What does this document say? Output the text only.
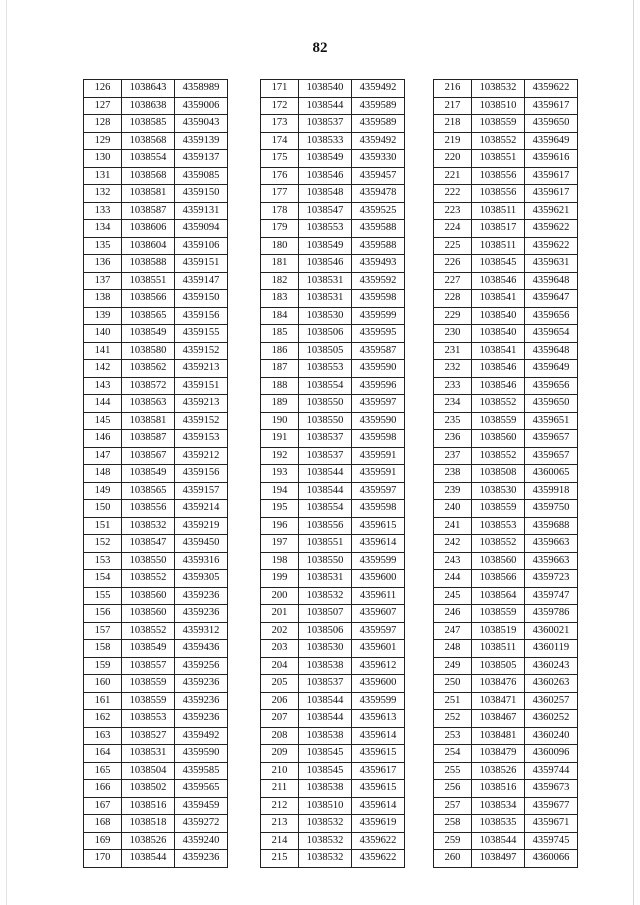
82
126	1038643	4358989
127	1038638	4359006
128	1038585	4359043
129	1038568	4359139
130	1038554	4359137
131	1038568	4359085
132	1038581	4359150
133	1038587	4359131
134	1038606	4359094
135	1038604	4359106
136	1038588	4359151
137	1038551	4359147
138	1038566	4359150
139	1038565	4359156
140	1038549	4359155
141	1038580	4359152
142	1038562	4359213
143	1038572	4359151
144	1038563	4359213
145	1038581	4359152
146	1038587	4359153
147	1038567	4359212
148	1038549	4359156
149	1038565	4359157
150	1038556	4359214
151	1038532	4359219
152	1038547	4359450
153	1038550	4359316
154	1038552	4359305
155	1038560	4359236
156	1038560	4359236
157	1038552	4359312
158	1038549	4359436
159	1038557	4359256
160	1038559	4359236
161	1038559	4359236
162	1038553	4359236
163	1038527	4359492
164	1038531	4359590
165	1038504	4359585
166	1038502	4359565
167	1038516	4359459
168	1038518	4359272
169	1038526	4359240
170	1038544	4359236
171	1038540	4359492
172	1038544	4359589
173	1038537	4359589
174	1038533	4359492
175	1038549	4359330
176	1038546	4359457
177	1038548	4359478
178	1038547	4359525
179	1038553	4359588
180	1038549	4359588
181	1038546	4359493
182	1038531	4359592
183	1038531	4359598
184	1038530	4359599
185	1038506	4359595
186	1038505	4359587
187	1038553	4359590
188	1038554	4359596
189	1038550	4359597
190	1038550	4359590
191	1038537	4359598
192	1038537	4359591
193	1038544	4359591
194	1038544	4359597
195	1038554	4359598
196	1038556	4359615
197	1038551	4359614
198	1038550	4359599
199	1038531	4359600
200	1038532	4359611
201	1038507	4359607
202	1038506	4359597
203	1038530	4359601
204	1038538	4359612
205	1038537	4359600
206	1038544	4359599
207	1038544	4359613
208	1038538	4359614
209	1038545	4359615
210	1038545	4359617
211	1038538	4359615
212	1038510	4359614
213	1038532	4359619
214	1038532	4359622
215	1038532	4359622
216	1038532	4359622
217	1038510	4359617
218	1038559	4359650
219	1038552	4359649
220	1038551	4359616
221	1038556	4359617
222	1038556	4359617
223	1038511	4359621
224	1038517	4359622
225	1038511	4359622
226	1038545	4359631
227	1038546	4359648
228	1038541	4359647
229	1038540	4359656
230	1038540	4359654
231	1038541	4359648
232	1038546	4359649
233	1038546	4359656
234	1038552	4359650
235	1038559	4359651
236	1038560	4359657
237	1038552	4359657
238	1038508	4360065
239	1038530	4359918
240	1038559	4359750
241	1038553	4359688
242	1038552	4359663
243	1038560	4359663
244	1038566	4359723
245	1038564	4359747
246	1038559	4359786
247	1038519	4360021
248	1038511	4360119
249	1038505	4360243
250	1038476	4360263
251	1038471	4360257
252	1038467	4360252
253	1038481	4360240
254	1038479	4360096
255	1038526	4359744
256	1038516	4359673
257	1038534	4359677
258	1038535	4359671
259	1038544	4359745
260	1038497	4360066
